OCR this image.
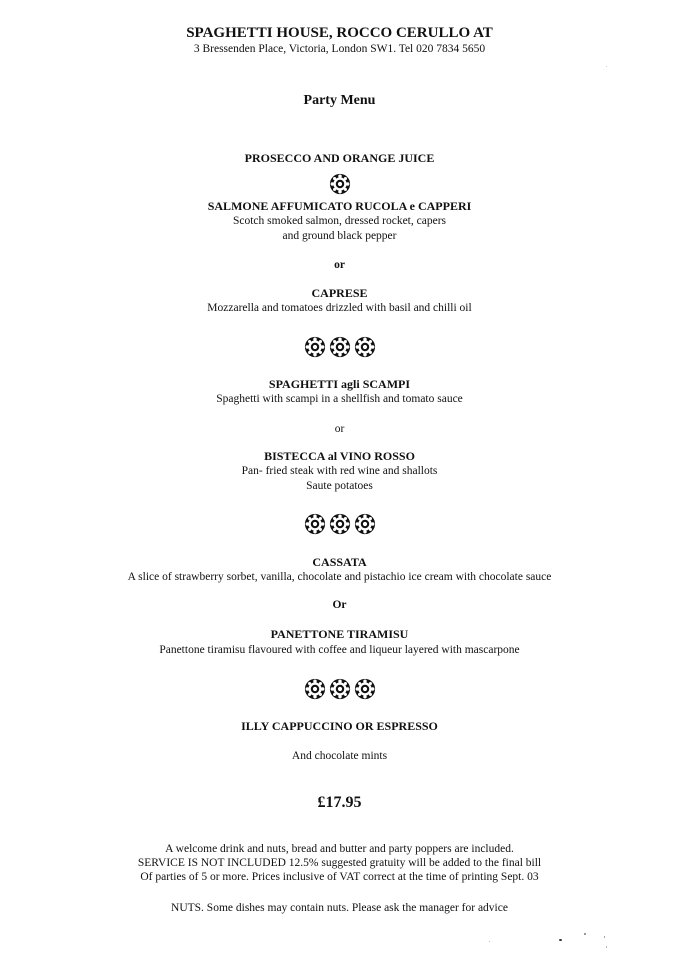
SPAGHETTI HOUSE, ROCCO CERULLO AT
3 Bressenden Place, Victoria, London SW1. Tel 020 7834 5650
Party Menu
PROSECCO AND ORANGE JUICE
SALMONE AFFUMICATO RUCOLA e CAPPERI
Scotch smoked salmon, dressed rocket, capers
and ground black pepper
or
CAPRESE
Mozzarella and tomatoes drizzled with basil and chilli oil
SPAGHETTI agli SCAMPI
Spaghetti with scampi in a shellfish and tomato sauce
or
BISTECCA al VINO ROSSO
Pan- fried steak with red wine and shallots
Saute potatoes
CASSATA
A slice of strawberry sorbet, vanilla, chocolate and pistachio ice cream with chocolate sauce
Or
PANETTONE TIRAMISU
Panettone tiramisu flavoured with coffee and liqueur layered with mascarpone
ILLY CAPPUCCINO OR ESPRESSO
And chocolate mints
£17.95
A welcome drink and nuts, bread and butter and party poppers are included.
SERVICE IS NOT INCLUDED 12.5% suggested gratuity will be added to the final bill
Of parties of 5 or more. Prices inclusive of VAT correct at the time of printing Sept. 03
NUTS. Some dishes may contain nuts. Please ask the manager for advice
